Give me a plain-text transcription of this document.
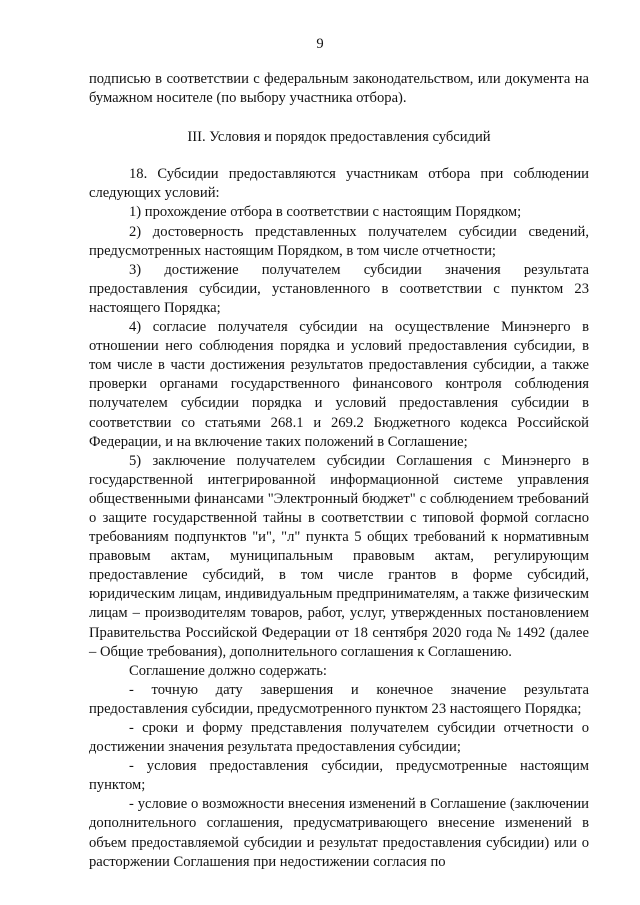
9

подписью в соответствии с федеральным законодательством, или документа на бумажном носителе (по выбору участника отбора).

III. Условия и порядок предоставления субсидий

18. Субсидии предоставляются участникам отбора при соблюдении следующих условий:

1) прохождение отбора в соответствии с настоящим Порядком;

2) достоверность представленных получателем субсидии сведений, предусмотренных настоящим Порядком, в том числе отчетности;

3) достижение получателем субсидии значения результата предоставления субсидии, установленного в соответствии с пунктом 23 настоящего Порядка;

4) согласие получателя субсидии на осуществление Минэнерго в отношении него соблюдения порядка и условий предоставления субсидии, в том числе в части достижения результатов предоставления субсидии, а также проверки органами государственного финансового контроля соблюдения получателем субсидии порядка и условий предоставления субсидии в соответствии со статьями 268.1 и 269.2 Бюджетного кодекса Российской Федерации, и на включение таких положений в Соглашение;

5) заключение получателем субсидии Соглашения с Минэнерго в государственной интегрированной информационной системе управления общественными финансами "Электронный бюджет" с соблюдением требований о защите государственной тайны в соответствии с типовой формой согласно требованиям подпунктов "и", "л" пункта 5 общих требований к нормативным правовым актам, муниципальным правовым актам, регулирующим предоставление субсидий, в том числе грантов в форме субсидий, юридическим лицам, индивидуальным предпринимателям, а также физическим лицам – производителям товаров, работ, услуг, утвержденных постановлением Правительства Российской Федерации от 18 сентября 2020 года № 1492 (далее – Общие требования), дополнительного соглашения к Соглашению.

Соглашение должно содержать:

- точную дату завершения и конечное значение результата предоставления субсидии, предусмотренного пунктом 23 настоящего Порядка;

- сроки и форму представления получателем субсидии отчетности о достижении значения результата предоставления субсидии;

- условия предоставления субсидии, предусмотренные настоящим пунктом;

- условие о возможности внесения изменений в Соглашение (заключении дополнительного соглашения, предусматривающего внесение изменений в объем предоставляемой субсидии и результат предоставления субсидии) или о расторжении Соглашения при недостижении согласия по
